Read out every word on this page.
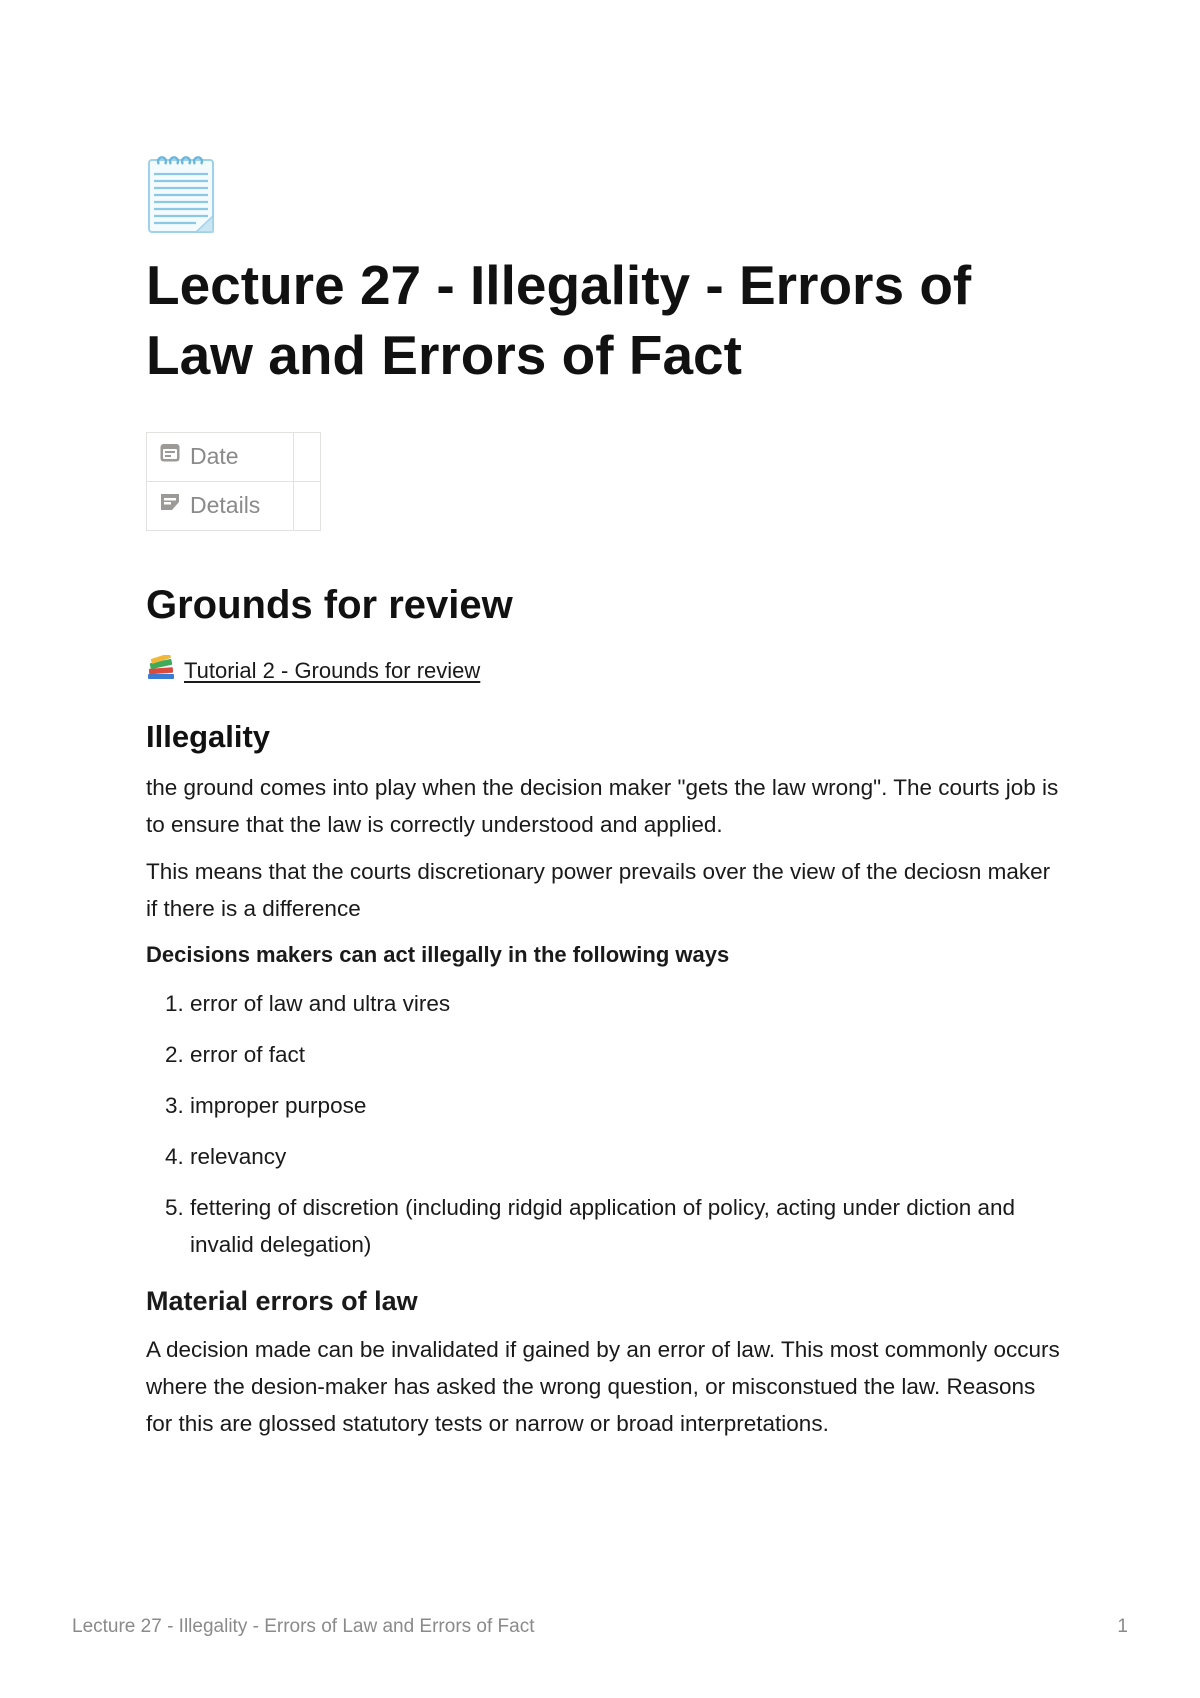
Lecture 27 - Illegality - Errors of Law and Errors of Fact
Date	
Details	
Grounds for review
Tutorial 2 - Grounds for review
Illegality

the ground comes into play when the decision maker "gets the law wrong". The courts job is to ensure that the law is correctly understood and applied.

This means that the courts discretionary power prevails over the view of the deciosn maker if there is a difference

Decisions makers can act illegally in the following ways

1. error of law and ultra vires
2. error of fact
3. improper purpose
4. relevancy
5. fettering of discretion (including ridgid application of policy, acting under diction and invalid delegation)
Material errors of law

A decision made can be invalidated if gained by an error of law. This most commonly occurs where the desion-maker has asked the wrong question, or misconstued the law. Reasons for this are glossed statutory tests or narrow or broad interpretations.

Lecture 27 - Illegality - Errors of Law and Errors of Fact	1
